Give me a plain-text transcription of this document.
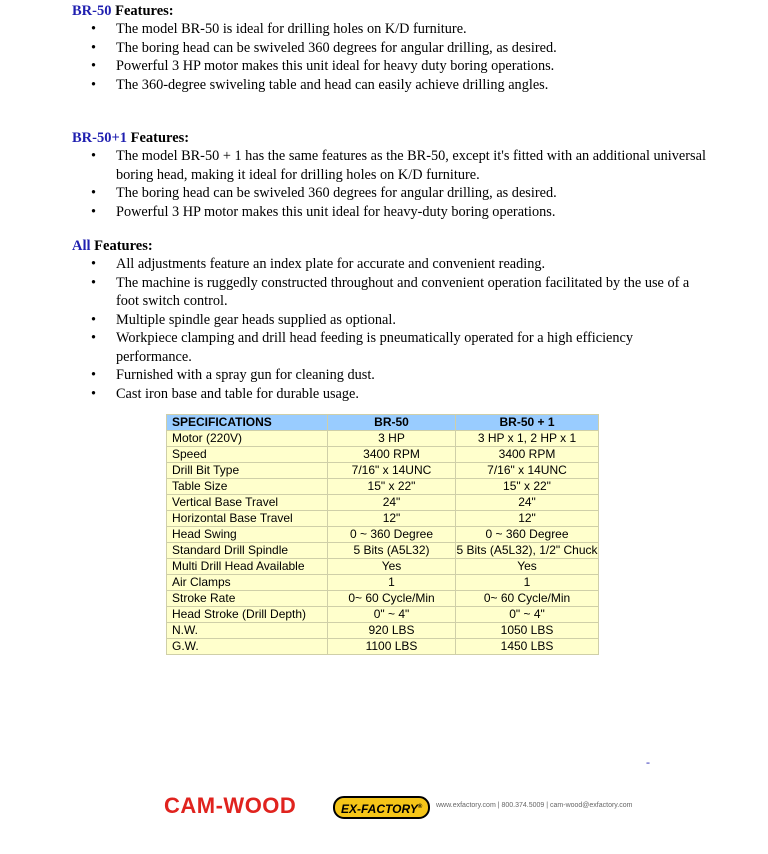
BR-50 Features:

• The model BR-50 is ideal for drilling holes on K/D furniture.
• The boring head can be swiveled 360 degrees for angular drilling, as desired.
• Powerful 3 HP motor makes this unit ideal for heavy duty boring operations.
• The 360-degree swiveling table and head can easily achieve drilling angles.

BR-50+1 Features:

• The model BR-50 + 1 has the same features as the BR-50, except it's fitted with an additional universal boring head, making it ideal for drilling holes on K/D furniture.
• The boring head can be swiveled 360 degrees for angular drilling, as desired.
• Powerful 3 HP motor makes this unit ideal for heavy-duty boring operations.

All Features:

• All adjustments feature an index plate for accurate and convenient reading.
• The machine is ruggedly constructed throughout and convenient operation facilitated by the use of a foot switch control.
• Multiple spindle gear heads supplied as optional.
• Workpiece clamping and drill head feeding is pneumatically operated for a high efficiency performance.
• Furnished with a spray gun for cleaning dust.
• Cast iron base and table for durable usage.
SPECIFICATIONS	BR-50	BR-50 + 1
Motor (220V)	3 HP	3 HP x 1, 2 HP x 1
Speed	3400 RPM	3400 RPM
Drill Bit Type	7/16" x 14UNC	7/16" x 14UNC
Table Size	15" x 22"	15" x 22"
Vertical Base Travel	24"	24"
Horizontal Base Travel	12"	12"
Head Swing	0 ~ 360 Degree	0 ~ 360 Degree
Standard Drill Spindle	5 Bits (A5L32)	5 Bits (A5L32), 1/2" Chuck
Multi Drill Head Available	Yes	Yes
Air Clamps	1	1
Stroke Rate	0~ 60 Cycle/Min	0~ 60 Cycle/Min
Head Stroke (Drill Depth)	0" ~ 4"	0" ~ 4"
N.W.	920 LBS	1050 LBS
G.W.	1100 LBS	1450 LBS
-
CAM-WOOD	EX-FACTORY®	www.exfactory.com | 800.374.5009 | cam-wood@exfactory.com
